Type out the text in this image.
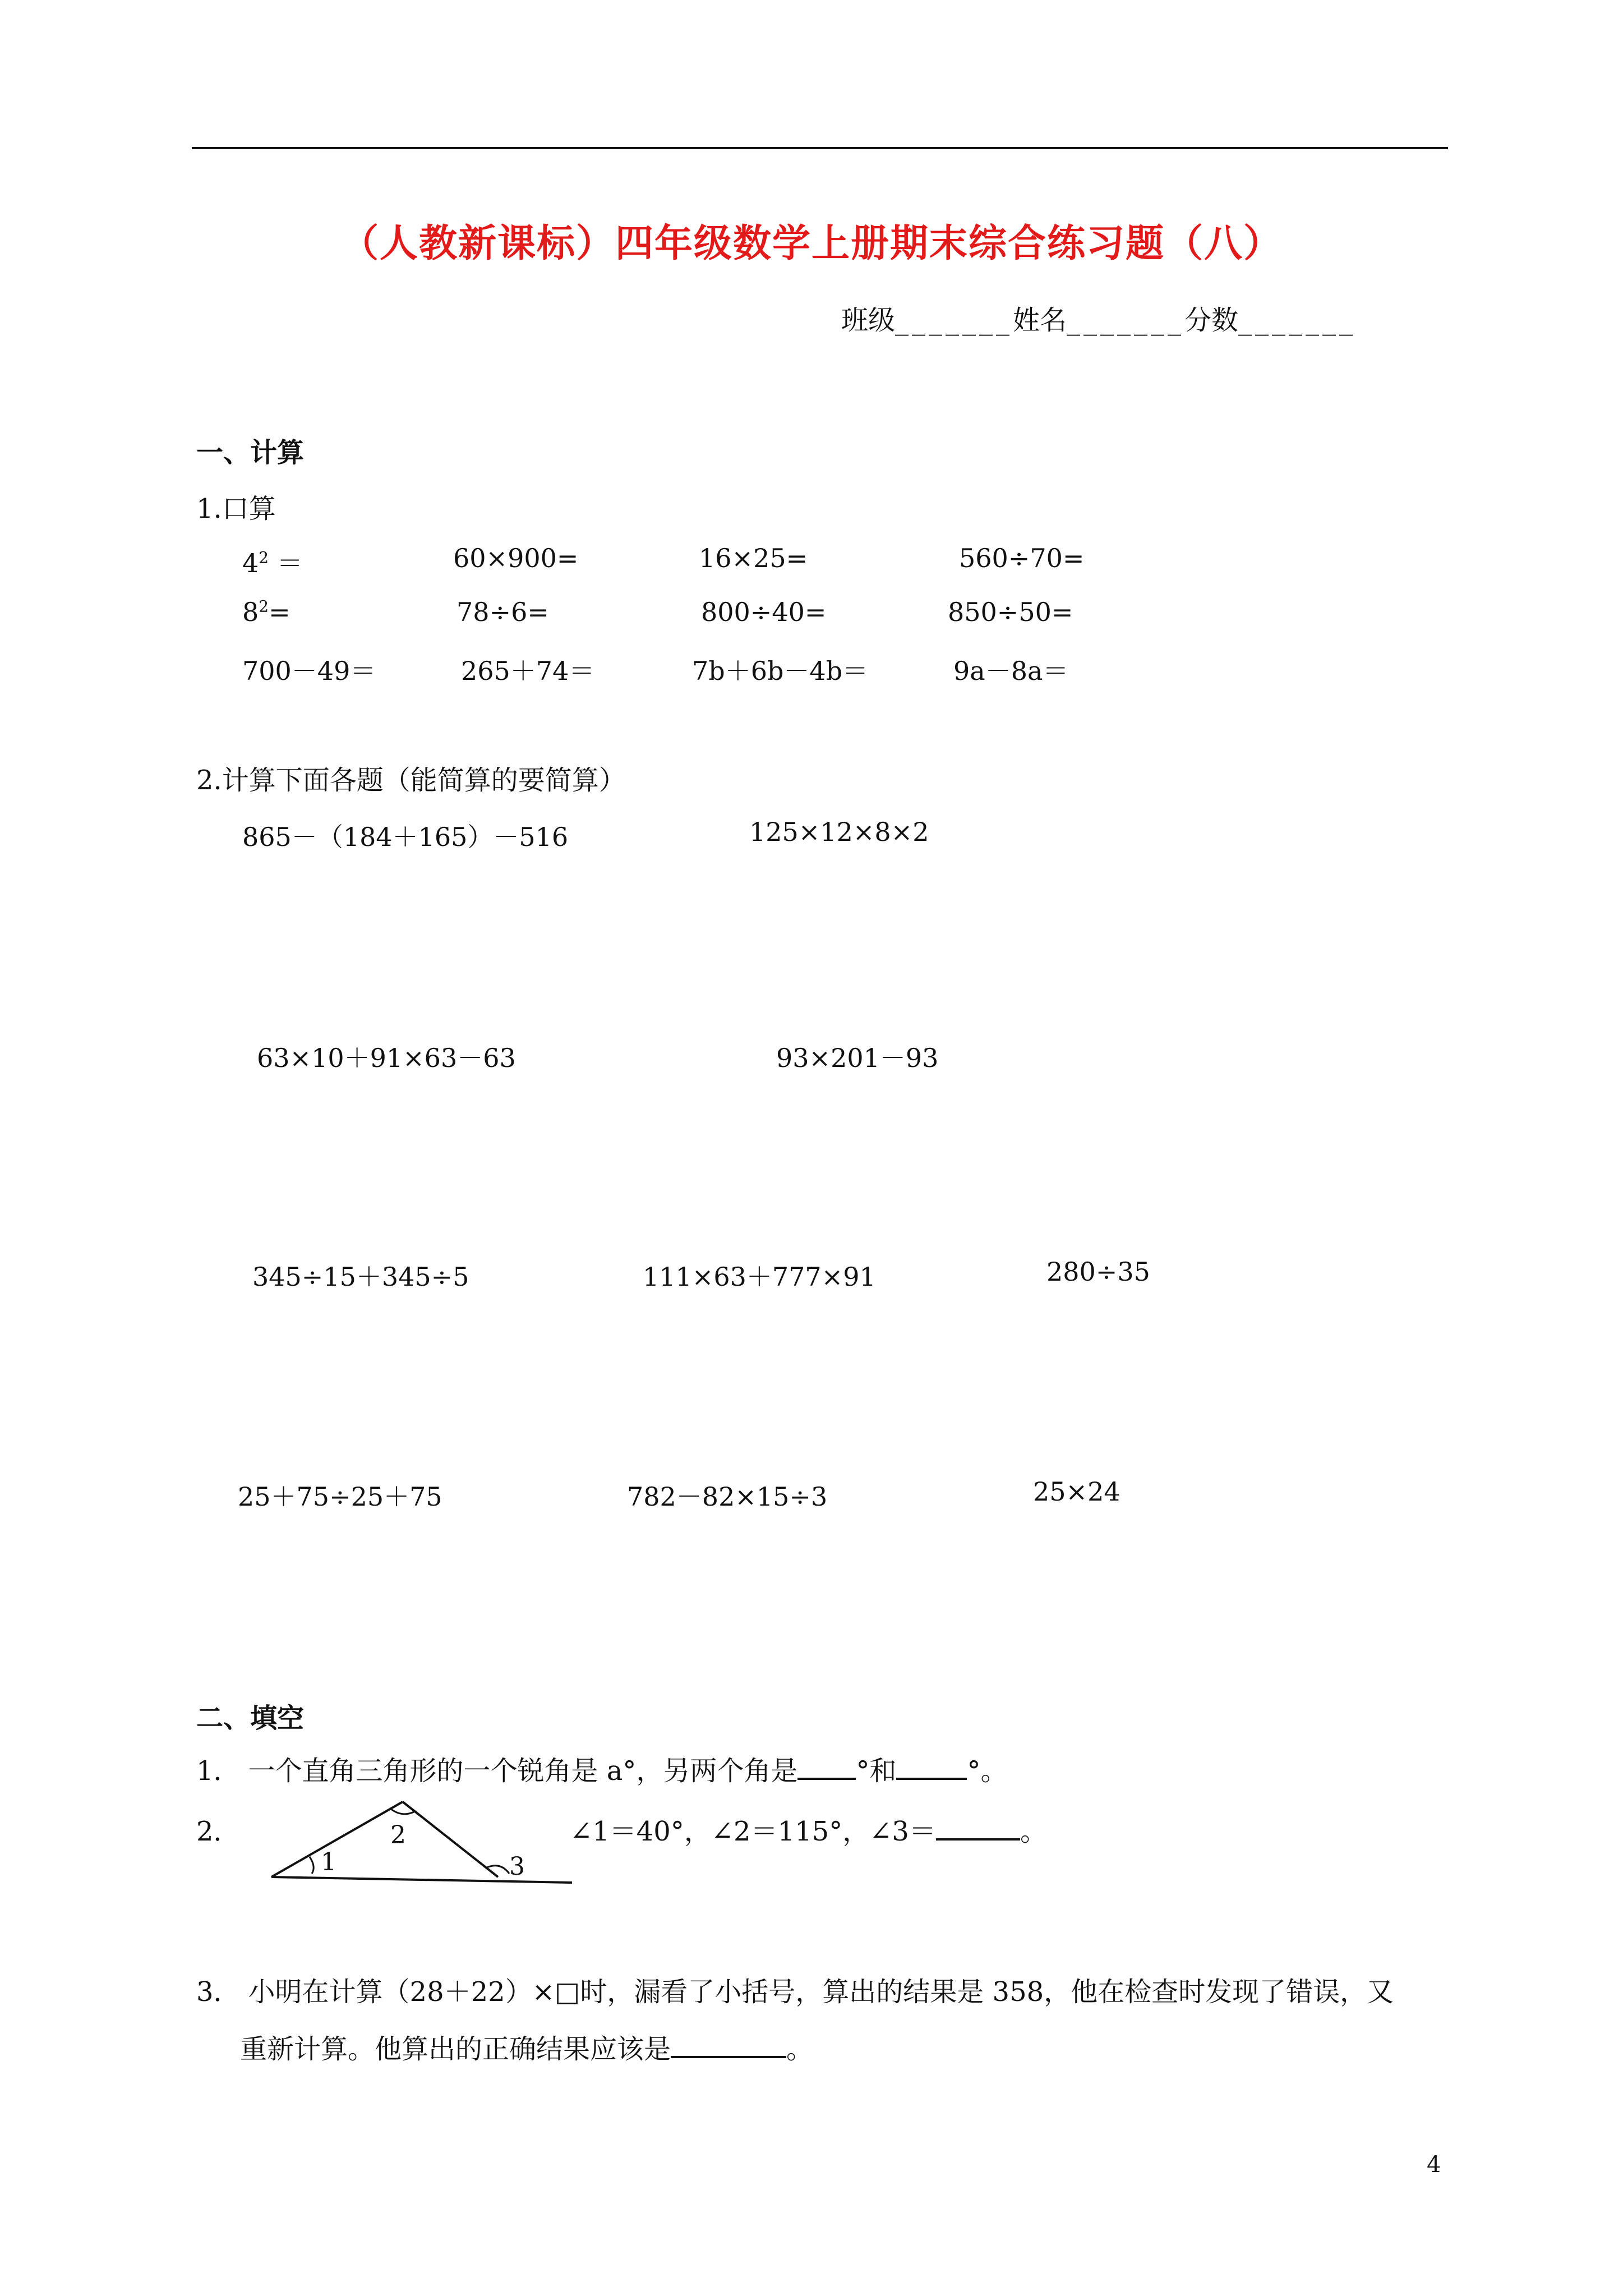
（人教新课标）四年级数学上册期末综合练习题（八）
班级_______姓名_______分数_______
一、计算
1.口算
$4^2$ ＝	60×900=	16×25=	560÷70=
$8^2=$	78÷6=	800÷40=	850÷50=
700－49＝	265＋74＝	7b＋6b－4b＝	9a－8a＝
2.计算下面各题（能简算的要简算）
865－（184＋165）－516	125×12×8×2
63×10＋91×63－63	93×201－93
345÷15＋345÷5	111×63＋777×91	280÷35
25＋75÷25＋75	782－82×15÷3	25×24
二、填空
1． 一个直角三角形的一个锐角是 a°，另两个角是 °和	°。
2．
1
2
3
∠1＝40°，∠2＝115°，∠3＝	。
3． 小明在计算（28＋22）×□时，漏看了小括号，算出的结果是 358，他在检查时发现了错误，又
重新计算。他算出的正确结果应该是	。
4
